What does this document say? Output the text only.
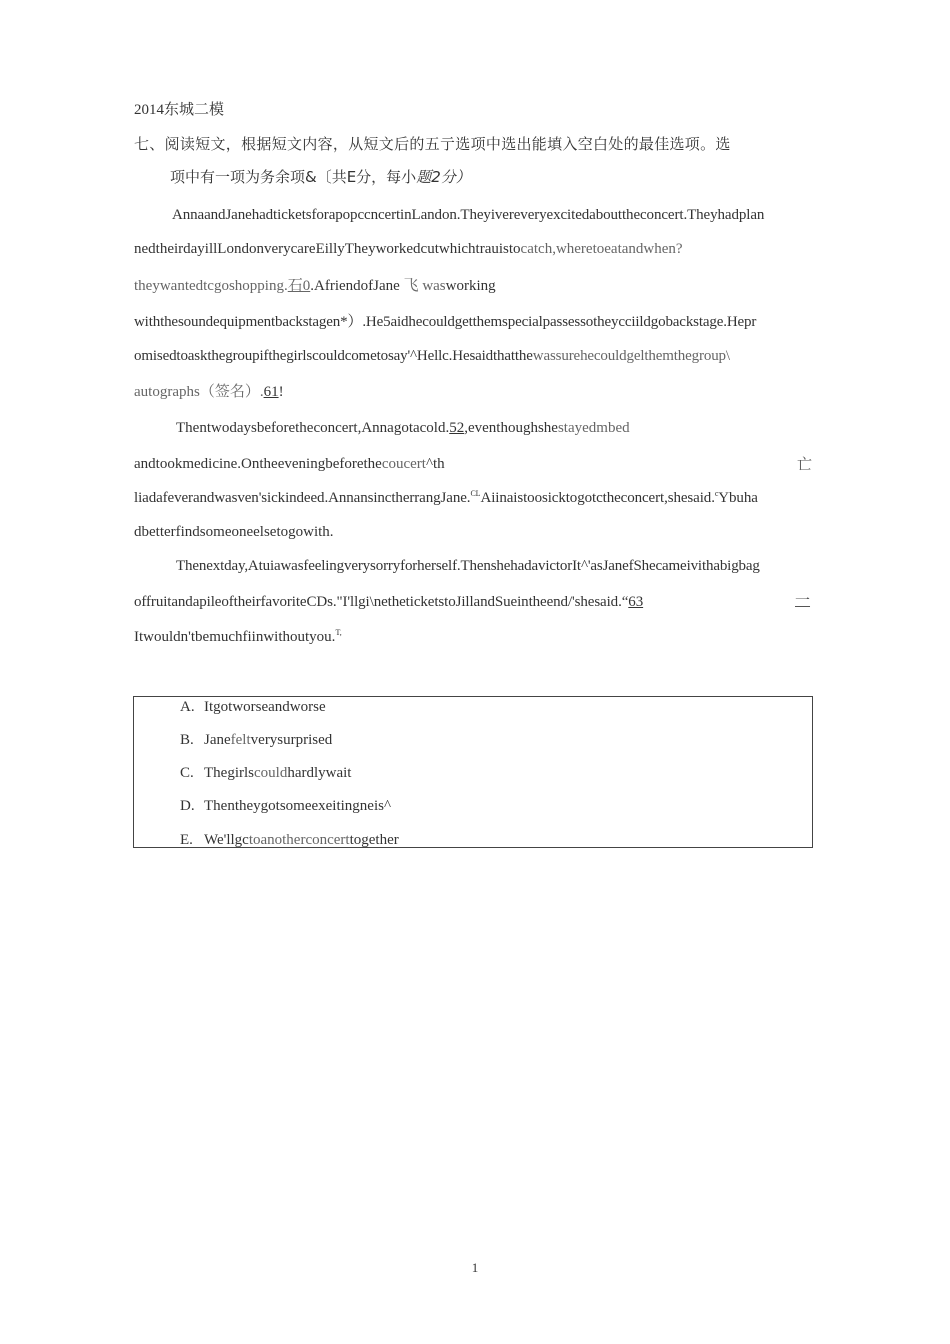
2014东城二模
七、阅读短文，根据短文内容，从短文后的五亍选项中选出能填入空白处的最佳选项。选
项中有一项为务余项&〔共E分，每小题2分）
AnnaandJanehadticketsforapopccncertinLandon.Theyivereveryexcitedabouttheconcert.Theyhadplan
nedtheirdayillLondonverycareEillyTheyworkedcutwhichtrauistocatch,wheretoeatandwhen?
theywantedtcgoshopping.石0.AfriendofJane 飞 wasworking
withthesoundequipmentbackstagen*）.He5aidhecouldgetthemspecialpassessotheycciildgobackstage.Hepr
omisedtoaskthegroupifthegirlscouldcometosay'^Hellc.Hesaidthatthewassurehecouldgelthemthegroup\
autographs（签名）.61!
Thentwodaysbeforetheconcert,Annagotacold.52,eventhoughshestayedmbed
andtookmedicine.Ontheeveningbeforethecoucert^th	亡
liadafeverandwasven'sickindeed.AnnansinctherrangJane.$^{CL}$Aiinaistoosicktogotctheconcert,shesaid.$^c$Ybuha
dbetterfindsomeoneelsetogowith.
Thenextday,Atuiawasfeelingverysorryforherself.ThenshehadavictorIt^'asJanefShecameivithabigbag
offruitandapileoftheirfavoriteCDs."I'llgi\netheticketstoJillandSueintheend/'shesaid.“63	一
Itwouldn'tbemuchfiinwithoutyou.$^{T,}$
A. Itgotworseandworse
B. Janefeltverysurprised
C. Thegirlscouldhardlywait
D. Thentheygotsomeexeitingneis^
E. We'llgctoanotherconcerttogether
1
